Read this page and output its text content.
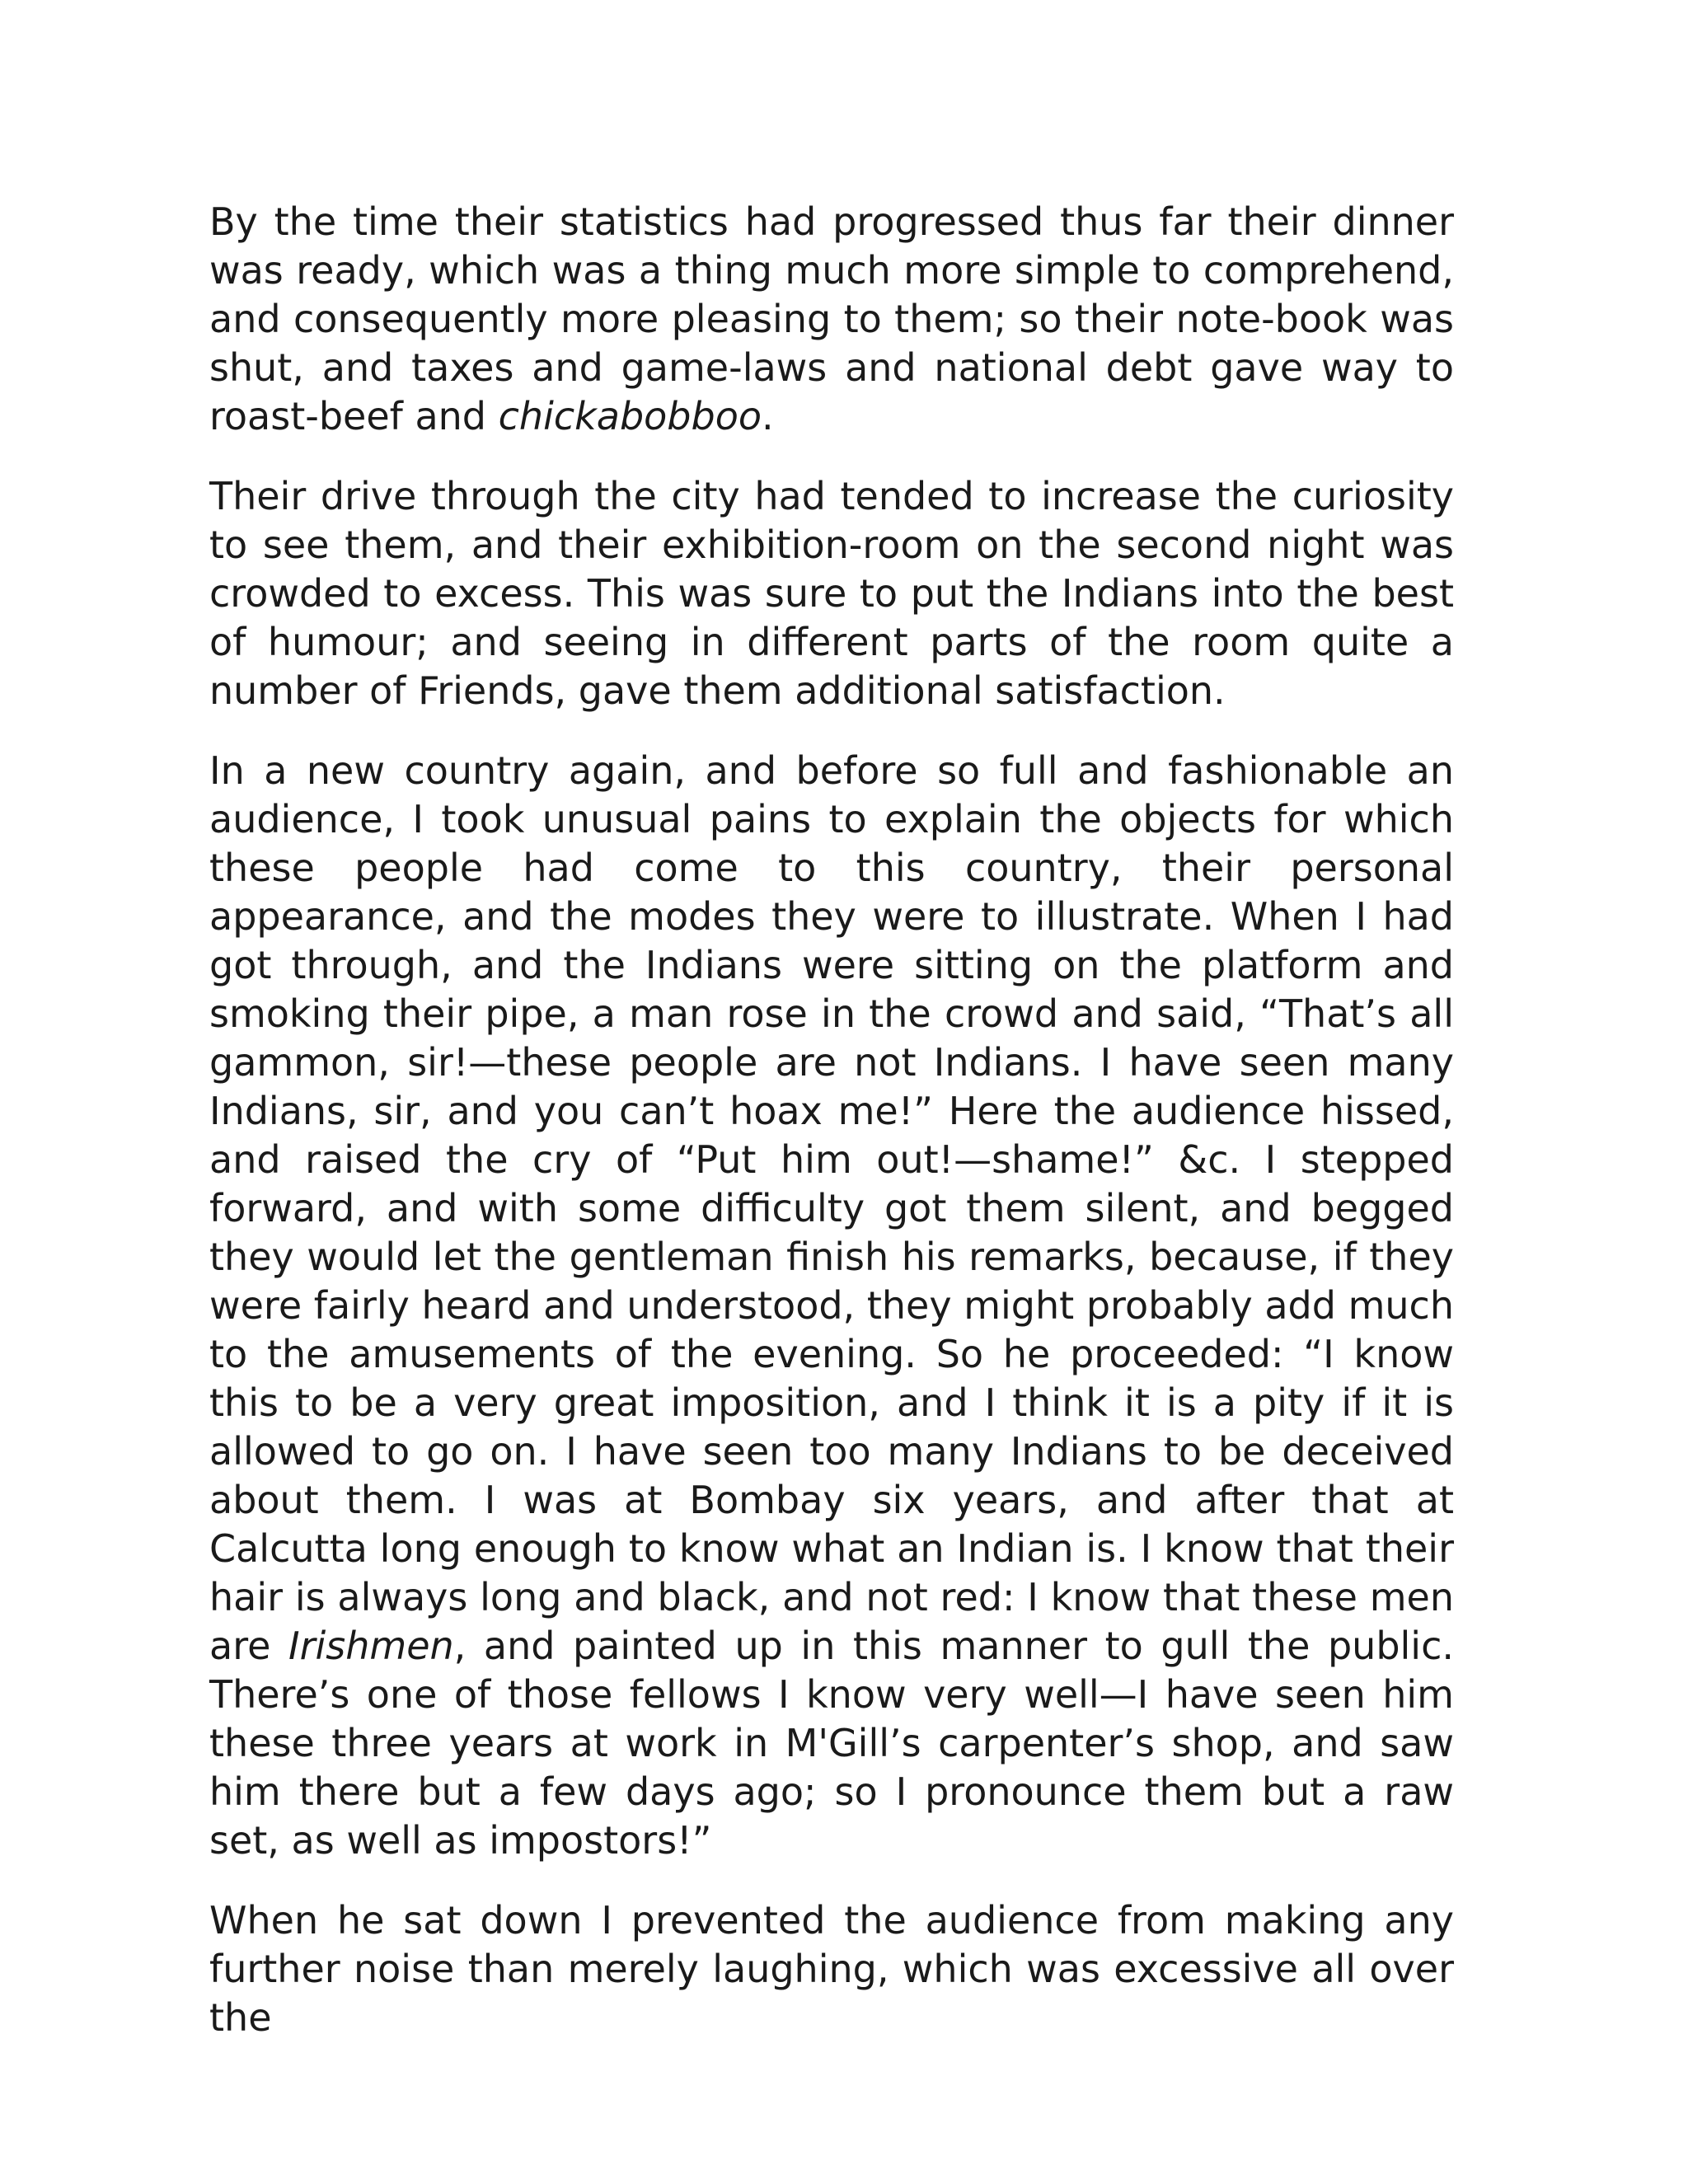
By the time their statistics had progressed thus far their dinner was ready, which was a thing much more simple to comprehend, and consequently more pleasing to them; so their note-book was shut, and taxes and game-laws and national debt gave way to roast-beef and chickabobboo.

Their drive through the city had tended to increase the curiosity to see them, and their exhibition-room on the second night was crowded to excess. This was sure to put the Indians into the best of humour; and seeing in different parts of the room quite a number of Friends, gave them additional satisfaction.

In a new country again, and before so full and fashionable an audience, I took unusual pains to explain the objects for which these people had come to this country, their personal appearance, and the modes they were to illustrate. When I had got through, and the Indians were sitting on the platform and smoking their pipe, a man rose in the crowd and said, “That’s all gammon, sir!—these people are not Indians. I have seen many Indians, sir, and you can’t hoax me!” Here the audience hissed, and raised the cry of “Put him out!—shame!” &c. I stepped forward, and with some difficulty got them silent, and begged they would let the gentleman finish his remarks, because, if they were fairly heard and understood, they might probably add much to the amusements of the evening. So he proceeded: “I know this to be a very great imposition, and I think it is a pity if it is allowed to go on. I have seen too many Indians to be deceived about them. I was at Bombay six years, and after that at Calcutta long enough to know what an Indian is. I know that their hair is always long and black, and not red: I know that these men are Irishmen, and painted up in this manner to gull the public. There’s one of those fellows I know very well—I have seen him these three years at work in M'Gill’s carpenter’s shop, and saw him there but a few days ago; so I pronounce them but a raw set, as well as impostors!”

When he sat down I prevented the audience from making any further noise than merely laughing, which was excessive all over the
